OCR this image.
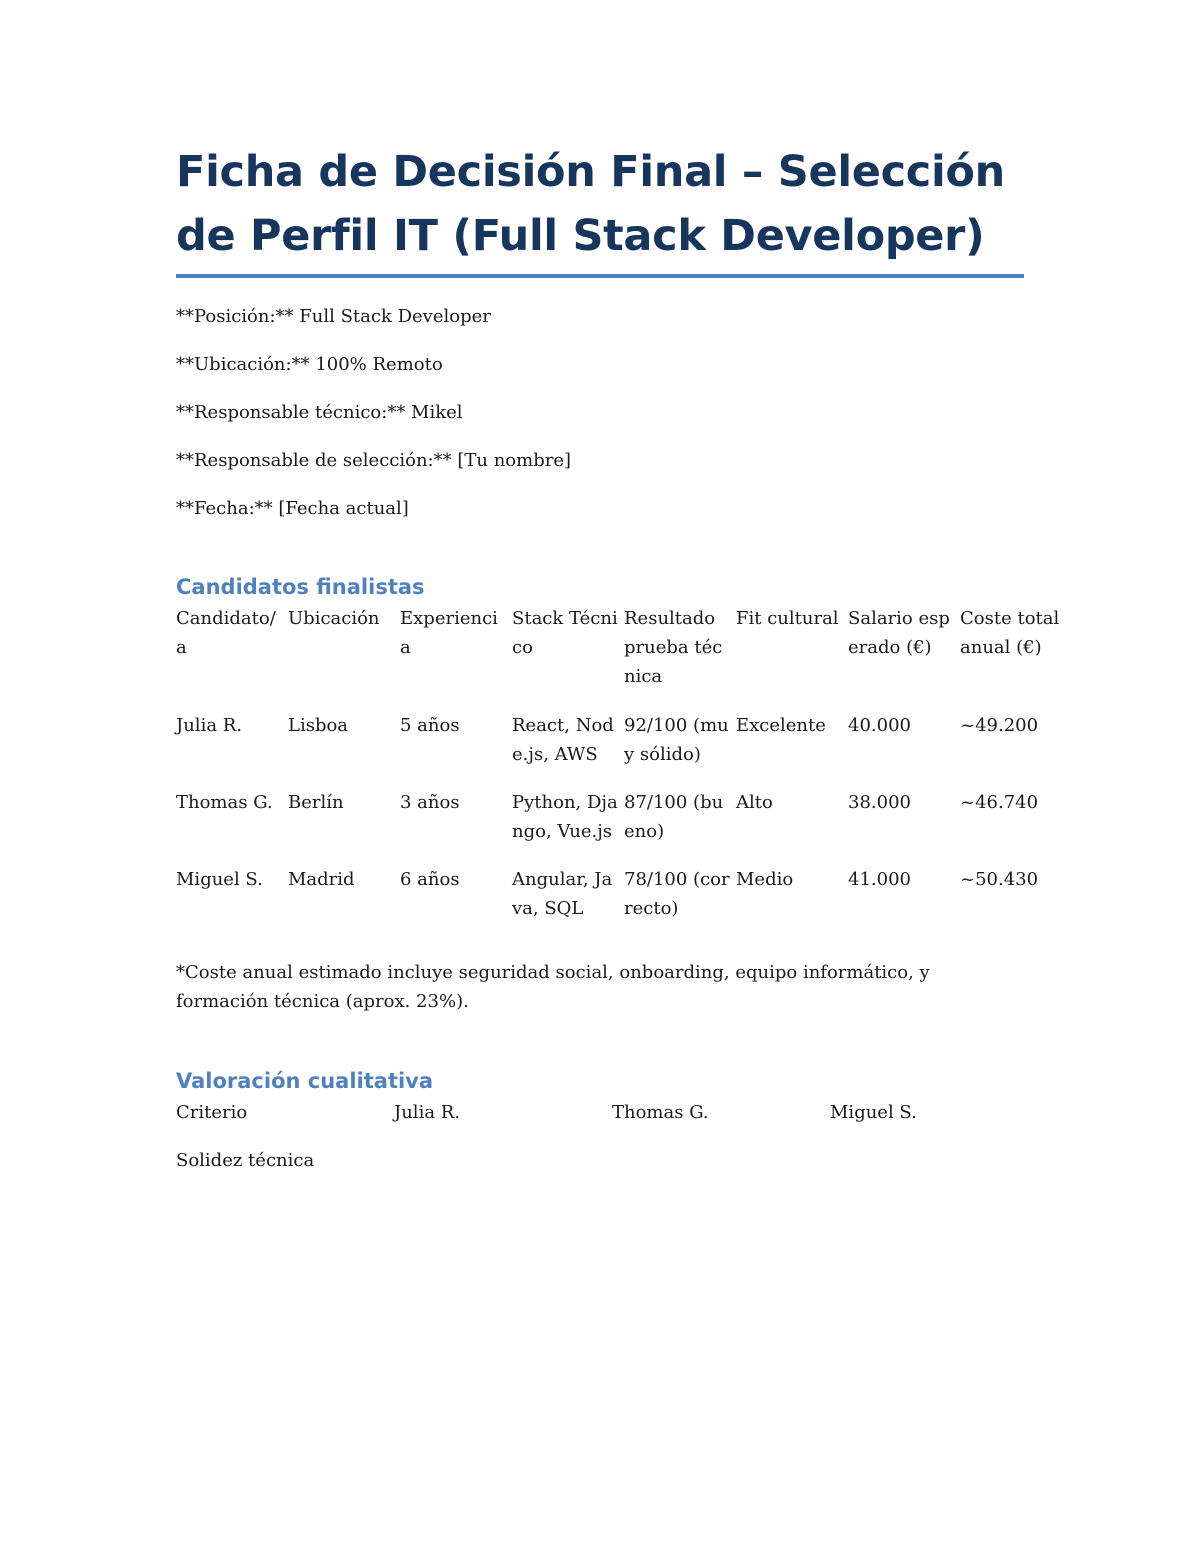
Ficha de Decisión Final – Selección de Perfil IT (Full Stack Developer)

**Posición:** Full Stack Developer

**Ubicación:** 100% Remoto

**Responsable técnico:** Mikel

**Responsable de selección:** [Tu nombre]

**Fecha:** [Fecha actual]

Candidatos finalistas
Candidato/a	Ubicación	Experiencia	Stack Técnico	Resultado prueba técnica	Fit cultural	Salario esperado (€)	Coste total anual (€)
Julia R.	Lisboa	5 años	React, Node.js, AWS	92/100 (muy sólido)	Excelente	40.000	~49.200
Thomas G.	Berlín	3 años	Python, Django, Vue.js	87/100 (bueno)	Alto	38.000	~46.740
Miguel S.	Madrid	6 años	Angular, Java, SQL	78/100 (correcto)	Medio	41.000	~50.430

*Coste anual estimado incluye seguridad social, onboarding, equipo informático, y formación técnica (aprox. 23%).

Valoración cualitativa
Criterio	Julia R.	Thomas G.	Miguel S.
Solidez técnica			
